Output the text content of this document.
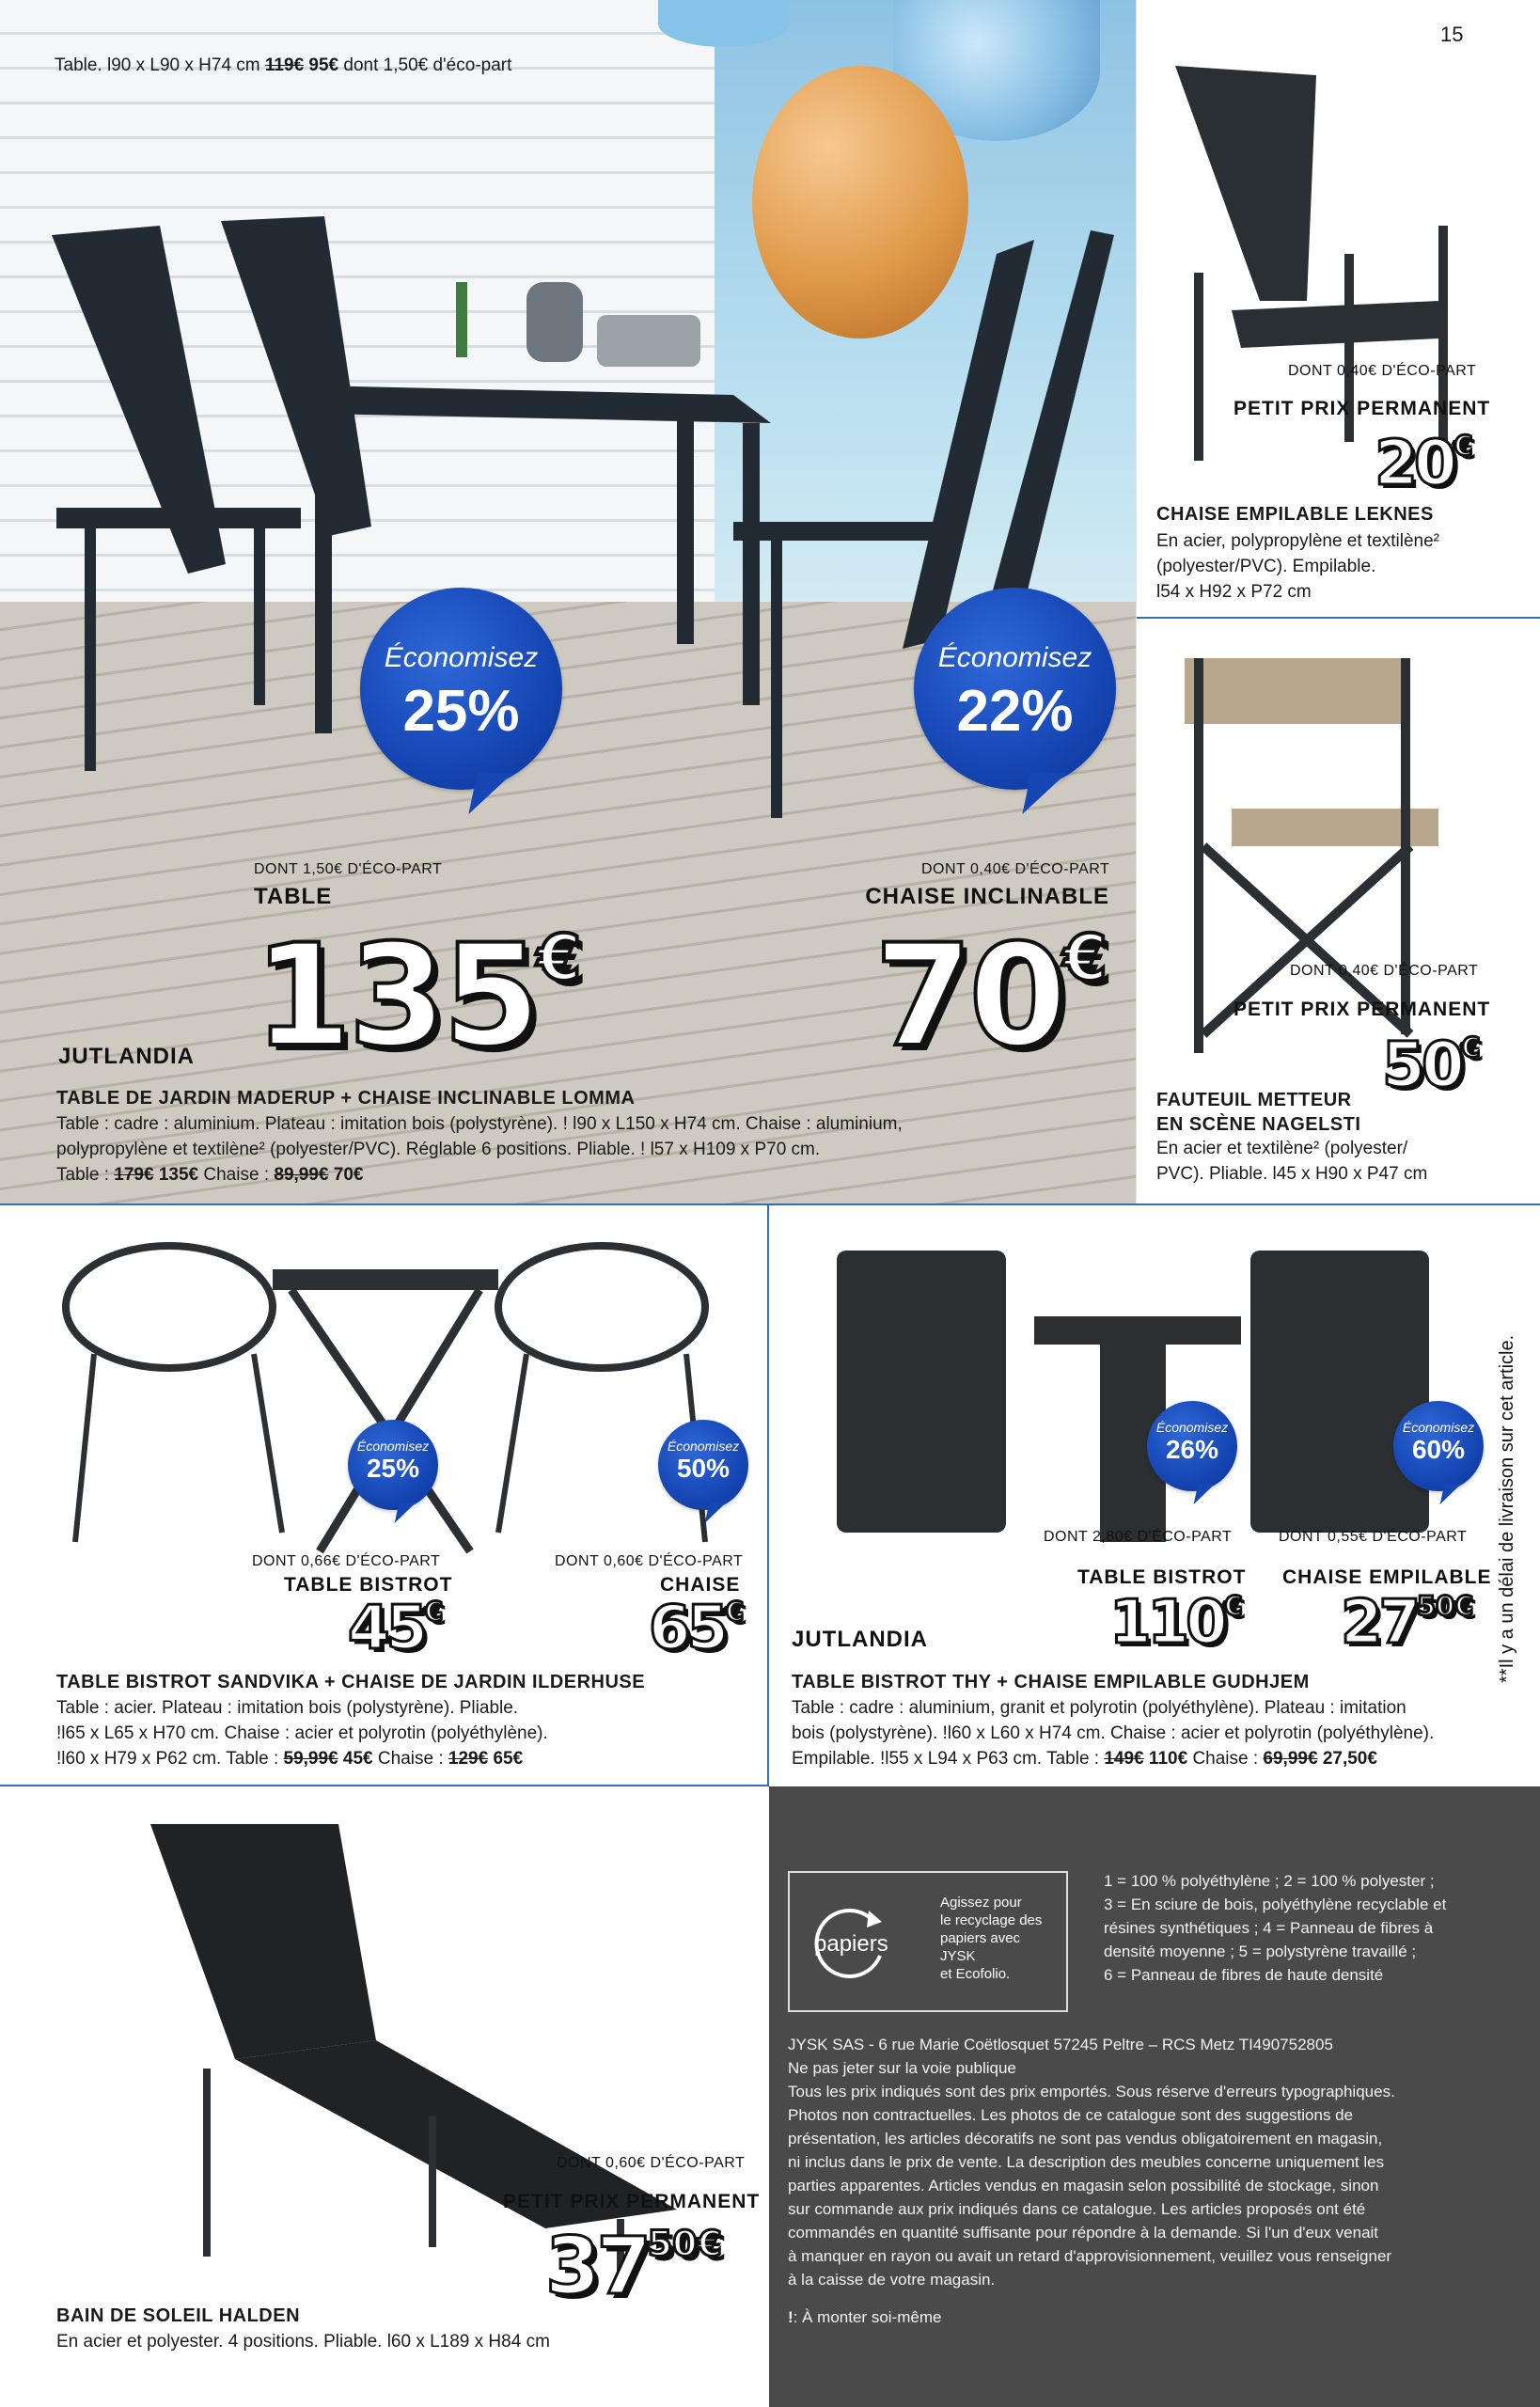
Table. l90 x L90 x H74 cm 119€ 95€ dont 1,50€ d'éco-part
Économisez
25%
Économisez
22%
DONT 1,50€ D'ÉCO-PART
TABLE
135€
DONT 0,40€ D'ÉCO-PART
CHAISE INCLINABLE
70€
JUTLANDIA
TABLE DE JARDIN MADERUP + CHAISE INCLINABLE LOMMA
Table : cadre : aluminium. Plateau : imitation bois (polystyrène). ! l90 x L150 x H74 cm. Chaise : aluminium,
polypropylène et textilène² (polyester/PVC). Réglable 6 positions. Pliable. ! l57 x H109 x P70 cm.
Table : 179€ 135€ Chaise : 89,99€ 70€
15
DONT 0,40€ D'ÉCO-PART
PETIT PRIX PERMANENT
20€
CHAISE EMPILABLE LEKNES
En acier, polypropylène et textilène²
(polyester/PVC). Empilable.
l54 x H92 x P72 cm
DONT 0,40€ D'ÉCO-PART
PETIT PRIX PERMANENT
50€
FAUTEUIL METTEUR
EN SCÈNE NAGELSTI
En acier et textilène² (polyester/
PVC). Pliable. l45 x H90 x P47 cm
Économisez
25%
Économisez
50%
DONT 0,66€ D'ÉCO-PART
TABLE BISTROT
45€
DONT 0,60€ D'ÉCO-PART
CHAISE
65€
TABLE BISTROT SANDVIKA + CHAISE DE JARDIN ILDERHUSE
Table : acier. Plateau : imitation bois (polystyrène). Pliable.
!l65 x L65 x H70 cm. Chaise : acier et polyrotin (polyéthylène).
!l60 x H79 x P62 cm. Table : 59,99€ 45€ Chaise : 129€ 65€
Économisez
26%
Économisez
60%
DONT 2,80€ D'ÉCO-PART
TABLE BISTROT
110€
DONT 0,55€ D'ÉCO-PART
CHAISE EMPILABLE
$27^{50€}$
JUTLANDIA
TABLE BISTROT THY + CHAISE EMPILABLE GUDHJEM
Table : cadre : aluminium, granit et polyrotin (polyéthylène). Plateau : imitation
bois (polystyrène). !l60 x L60 x H74 cm. Chaise : acier et polyrotin (polyéthylène).
Empilable. !l55 x L94 x P63 cm. Table : 149€ 110€ Chaise : 69,99€ 27,50€
**Il y a un délai de livraison sur cet article.
DONT 0,60€ D'ÉCO-PART
PETIT PRIX PERMANENT
$37^{50€}$
BAIN DE SOLEIL HALDEN
En acier et polyester. 4 positions. Pliable. l60 x L189 x H84 cm
papiers
Agissez pour
le recyclage des
papiers avec
JYSK
et Ecofolio.
1 = 100 % polyéthylène ; 2 = 100 % polyester ;
3 = En sciure de bois, polyéthylène recyclable et
résines synthétiques ; 4 = Panneau de fibres à
densité moyenne ; 5 = polystyrène travaillé ;
6 = Panneau de fibres de haute densité
JYSK SAS - 6 rue Marie Coëtlosquet 57245 Peltre – RCS Metz TI490752805
Ne pas jeter sur la voie publique
Tous les prix indiqués sont des prix emportés. Sous réserve d'erreurs typographiques.
Photos non contractuelles. Les photos de ce catalogue sont des suggestions de
présentation, les articles décoratifs ne sont pas vendus obligatoirement en magasin,
ni inclus dans le prix de vente. La description des meubles concerne uniquement les
parties apparentes. Articles vendus en magasin selon possibilité de stockage, sinon
sur commande aux prix indiqués dans ce catalogue. Les articles proposés ont été
commandés en quantité suffisante pour répondre à la demande. Si l'un d'eux venait
à manquer en rayon ou avait un retard d'approvisionnement, veuillez vous renseigner
à la caisse de votre magasin.
!: À monter soi-même
